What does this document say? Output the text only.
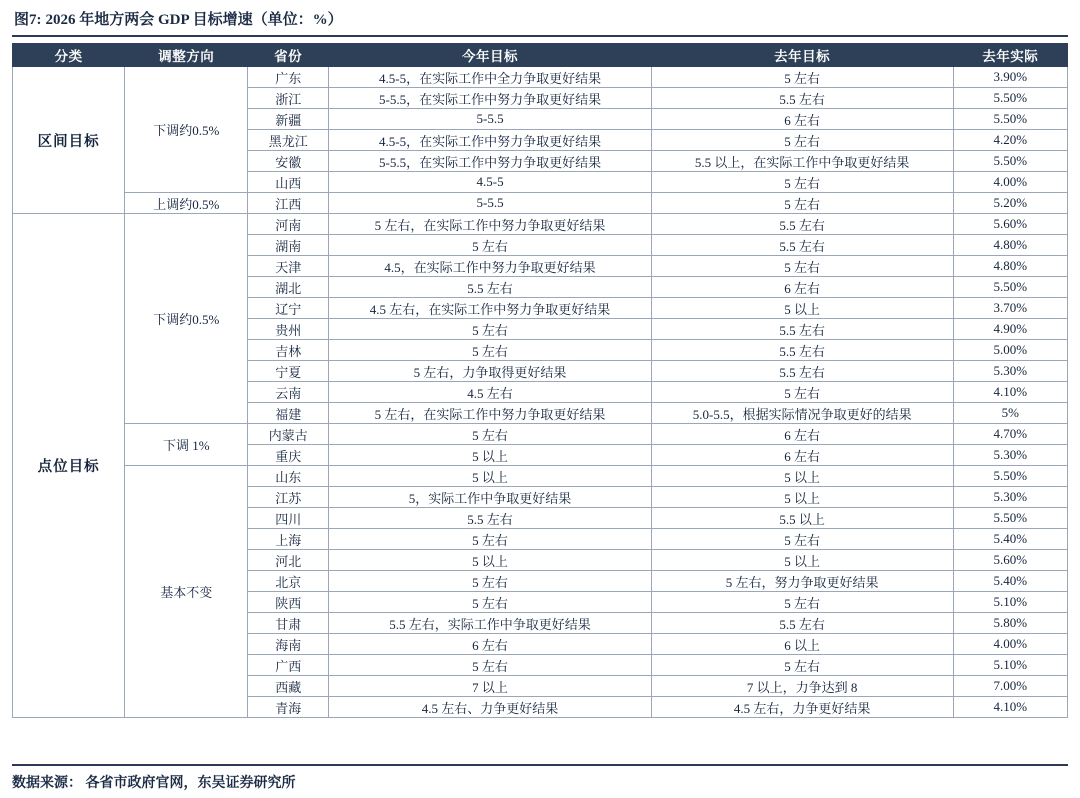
图7: 2026 年地方两会 GDP 目标增速（单位：%）
分类	调整方向	省份	今年目标	去年目标	去年实际
区间目标	下调约0.5%	广东	4.5-5，在实际工作中全力争取更好结果	5 左右	3.90%
		浙江	5-5.5，在实际工作中努力争取更好结果	5.5 左右	5.50%
		新疆	5-5.5	6 左右	5.50%
		黑龙江	4.5-5，在实际工作中努力争取更好结果	5 左右	4.20%
		安徽	5-5.5，在实际工作中努力争取更好结果	5.5 以上，在实际工作中争取更好结果	5.50%
		山西	4.5-5	5 左右	4.00%
	上调约0.5%	江西	5-5.5	5 左右	5.20%
点位目标	下调约0.5%	河南	5 左右，在实际工作中努力争取更好结果	5.5 左右	5.60%
		湖南	5 左右	5.5 左右	4.80%
		天津	4.5，在实际工作中努力争取更好结果	5 左右	4.80%
		湖北	5.5 左右	6 左右	5.50%
		辽宁	4.5 左右，在实际工作中努力争取更好结果	5 以上	3.70%
		贵州	5 左右	5.5 左右	4.90%
		吉林	5 左右	5.5 左右	5.00%
		宁夏	5 左右，力争取得更好结果	5.5 左右	5.30%
		云南	4.5 左右	5 左右	4.10%
		福建	5 左右，在实际工作中努力争取更好结果	5.0-5.5，根据实际情况争取更好的结果	5%
	下调 1%	内蒙古	5 左右	6 左右	4.70%
		重庆	5 以上	6 左右	5.30%
	基本不变	山东	5 以上	5 以上	5.50%
		江苏	5，实际工作中争取更好结果	5 以上	5.30%
		四川	5.5 左右	5.5 以上	5.50%
		上海	5 左右	5 左右	5.40%
		河北	5 以上	5 以上	5.60%
		北京	5 左右	5 左右，努力争取更好结果	5.40%
		陕西	5 左右	5 左右	5.10%
		甘肃	5.5 左右，实际工作中争取更好结果	5.5 左右	5.80%
		海南	6 左右	6 以上	4.00%
		广西	5 左右	5 左右	5.10%
		西藏	7 以上	7 以上，力争达到 8	7.00%
		青海	4.5 左右、力争更好结果	4.5 左右，力争更好结果	4.10%
数据来源： 各省市政府官网，东吴证券研究所
